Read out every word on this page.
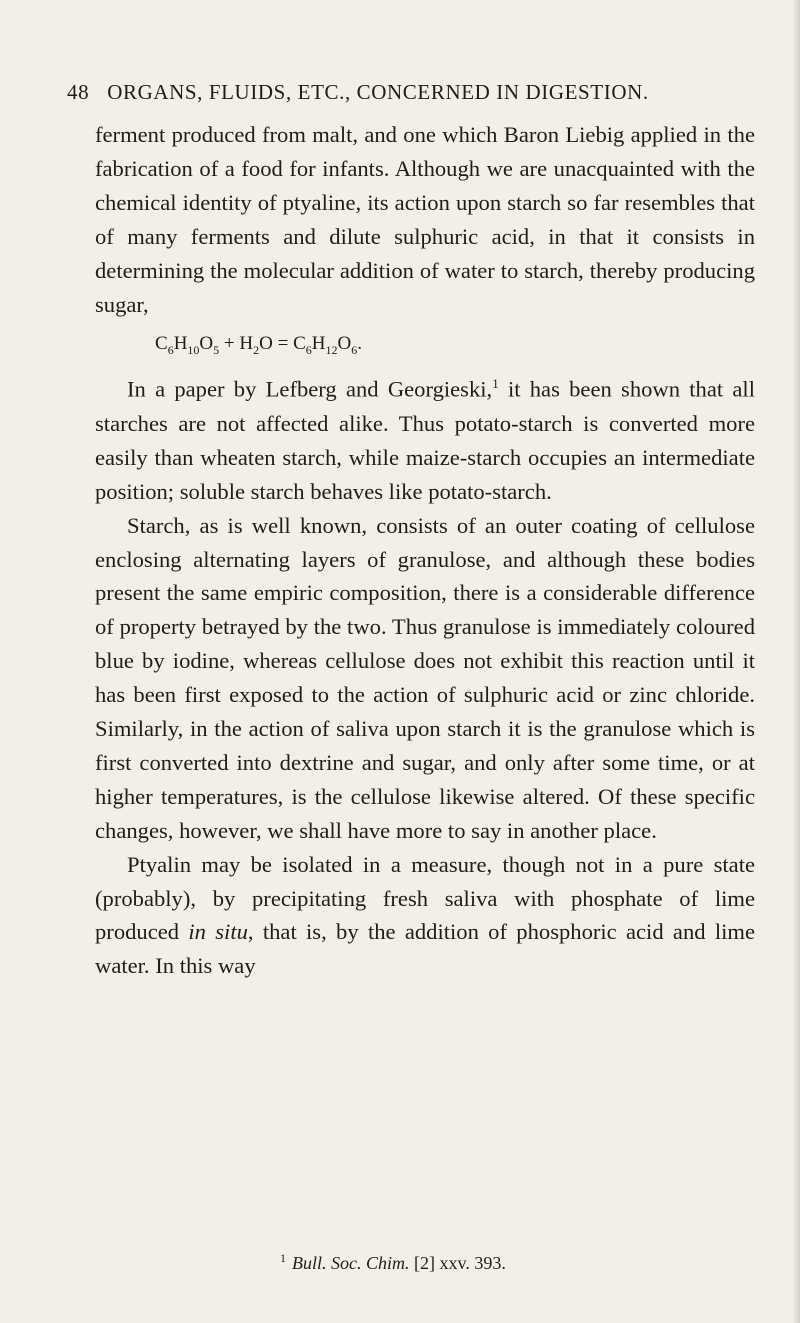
48 ORGANS, FLUIDS, ETC., CONCERNED IN DIGESTION.

ferment produced from malt, and one which Baron Liebig applied in the fabrication of a food for infants. Although we are unacquainted with the chemical identity of ptyaline, its action upon starch so far resembles that of many ferments and dilute sulphuric acid, in that it consists in determining the molecular addition of water to starch, thereby producing sugar,

$C_6H_{10}O_5 + H_2O = C_6H_{12}O_6$.

In a paper by Lefberg and Georgieski,$^1$ it has been shown that all starches are not affected alike. Thus potato-starch is converted more easily than wheaten starch, while maize-starch occupies an intermediate position; soluble starch behaves like potato-starch.

Starch, as is well known, consists of an outer coating of cellulose enclosing alternating layers of granulose, and although these bodies present the same empiric composition, there is a considerable difference of property betrayed by the two. Thus granulose is immediately coloured blue by iodine, whereas cellulose does not exhibit this reaction until it has been first exposed to the action of sulphuric acid or zinc chloride. Similarly, in the action of saliva upon starch it is the granulose which is first converted into dextrine and sugar, and only after some time, or at higher temperatures, is the cellulose likewise altered. Of these specific changes, however, we shall have more to say in another place.

Ptyalin may be isolated in a measure, though not in a pure state (probably), by precipitating fresh saliva with phosphate of lime produced in situ, that is, by the addition of phosphoric acid and lime water. In this way

$^1$ Bull. Soc. Chim. [2] xxv. 393.
